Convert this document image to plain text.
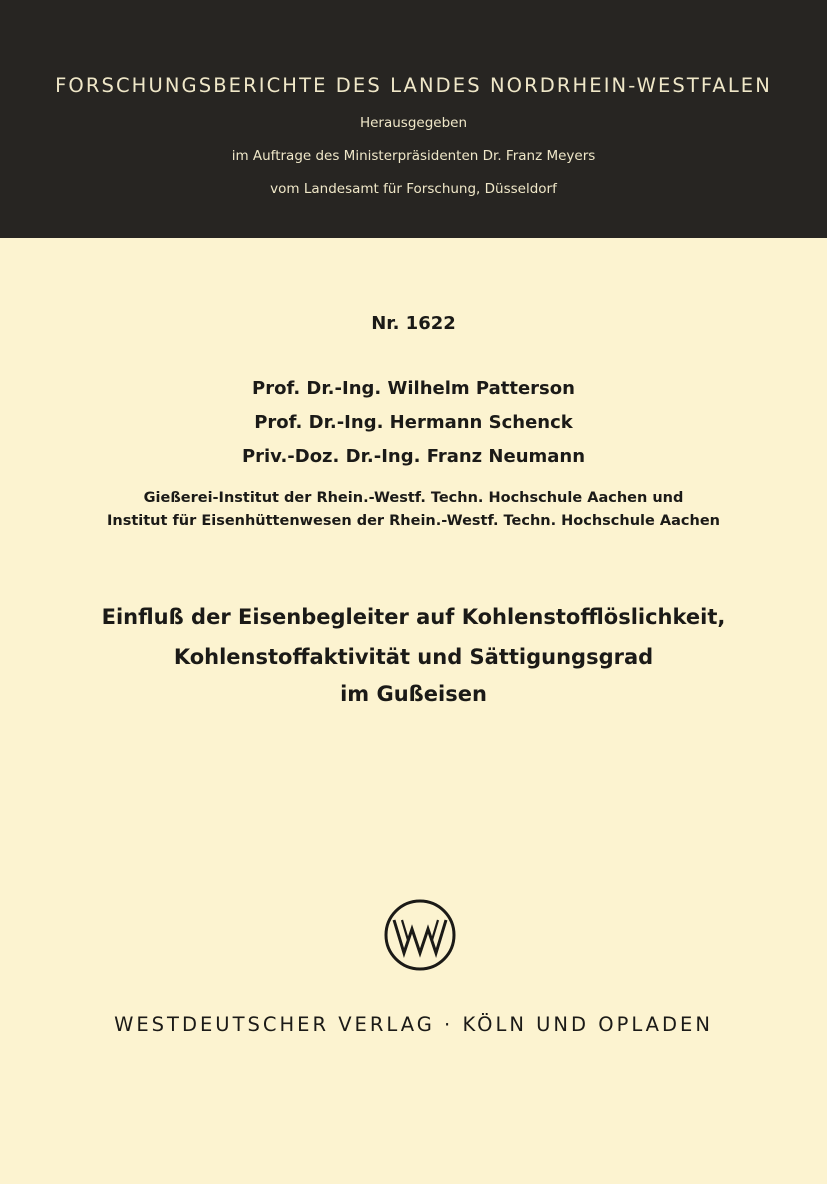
FORSCHUNGSBERICHTE DES LANDES NORDRHEIN-WESTFALEN
Herausgegeben
im Auftrage des Ministerpräsidenten Dr. Franz Meyers
vom Landesamt für Forschung, Düsseldorf
Nr. 1622
Prof. Dr.-Ing. Wilhelm Patterson
Prof. Dr.-Ing. Hermann Schenck
Priv.-Doz. Dr.-Ing. Franz Neumann
Gießerei-Institut der Rhein.-Westf. Techn. Hochschule Aachen und
Institut für Eisenhüttenwesen der Rhein.-Westf. Techn. Hochschule Aachen
Einfluß der Eisenbegleiter auf Kohlenstofflöslichkeit,
Kohlenstoffaktivität und Sättigungsgrad
im Gußeisen
WESTDEUTSCHER VERLAG · KÖLN UND OPLADEN
